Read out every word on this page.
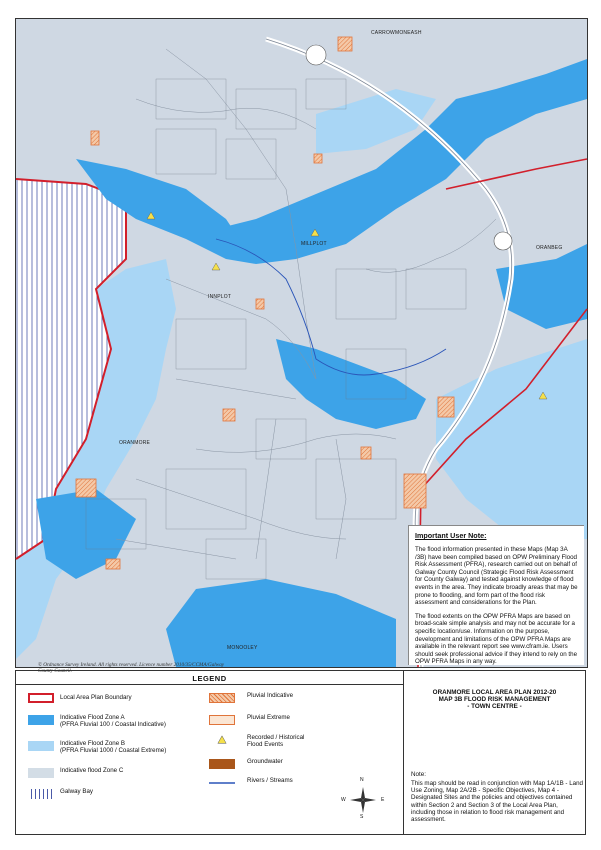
CARROWMONEASH
MILLPLOT
INNPLOT
ORANBEG
ORANMORE
MONOOLEY
© Ordnance Survey Ireland. All rights reserved. Licence number 2010/35/CCMA/Galway County Council.
Important User Note:

The flood information presented in these Maps (Map 3A /3B) have been compiled based on OPW Preliminary Flood Risk Assessment (PFRA), research carried out on behalf of Galway County Council (Strategic Flood Risk Assessment for County Galway) and tested against knowledge of flood events in the area. They indicate broadly areas that may be prone to flooding, and form part of the flood risk assessment and considerations for the Plan.

The flood extents on the OPW PFRA Maps are based on broad-scale simple analysis and may not be accurate for a specific location/use. Information on the purpose, development and limitations of the OPW PFRA Maps are available in the relevant report see www.cfram.ie. Users should seek professional advice if they intend to rely on the OPW PFRA Maps in any way.

LEGEND
Local Area Plan Boundary
Indicative Flood Zone A
(PFRA Fluvial 100 / Coastal Indicative)
Indicative Flood Zone B
(PFRA Fluvial 1000 / Coastal Extreme)
Indicative flood Zone C
Galway Bay
Pluvial Indicative
Pluvial Extreme
Recorded / Historical
Flood Events
Groundwater
Rivers / Streams	N
S
W	E
ORANMORE LOCAL AREA PLAN 2012-20
MAP 3B FLOOD RISK MANAGEMENT
- TOWN CENTRE -
Note:
This map should be read in conjunction with Map 1A/1B - Land Use Zoning, Map 2A/2B - Specific Objectives, Map 4 - Designated Sites and the policies and objectives contained within Section 2 and Section 3 of the Local Area Plan, including those in relation to flood risk management and assessment.
